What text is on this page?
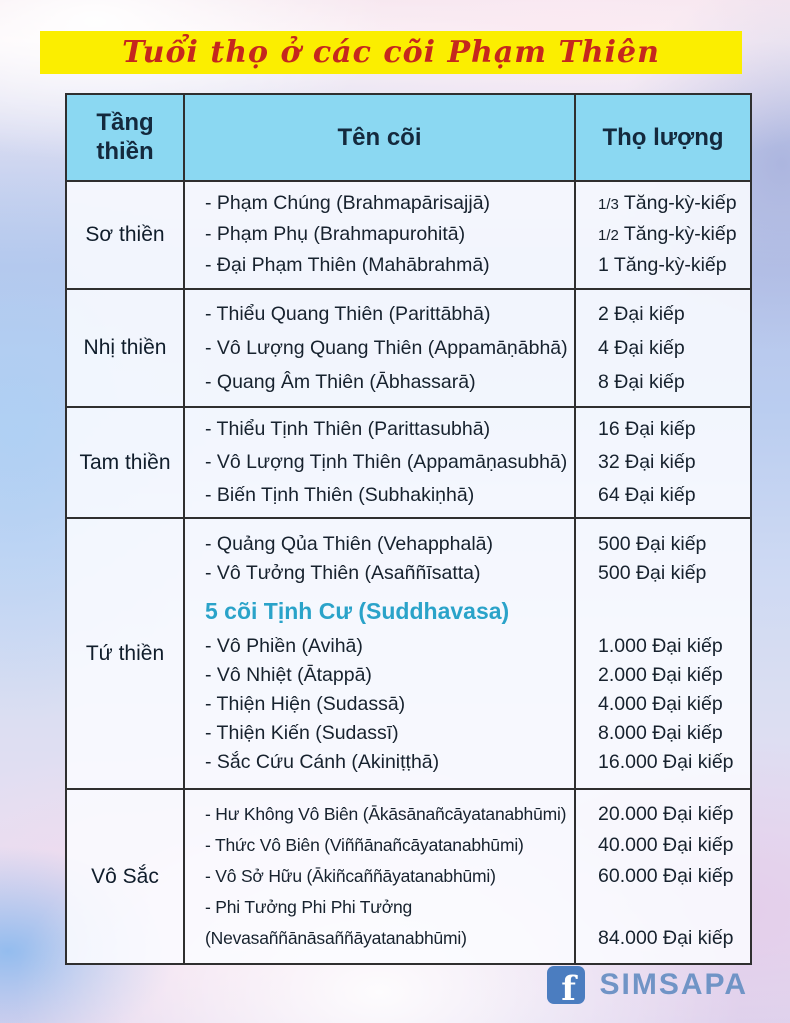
Tuổi thọ ở các cõi Phạm Thiên
Tầng thiền
Tên cõi	Thọ lượng
Sơ thiền
- Phạm Chúng (Brahmapārisajjā)
- Phạm Phụ (Brahmapurohitā)
- Đại Phạm Thiên (Mahābrahmā)
1/3 Tăng-kỳ-kiếp
1/2 Tăng-kỳ-kiếp
1 Tăng-kỳ-kiếp
Nhị thiền
- Thiểu Quang Thiên (Parittābhā)
- Vô Lượng Quang Thiên (Appamāṇābhā)
- Quang Âm Thiên (Ābhassarā)
2 Đại kiếp
4 Đại kiếp
8 Đại kiếp
Tam thiền
- Thiểu Tịnh Thiên (Parittasubhā)
- Vô Lượng Tịnh Thiên (Appamāṇasubhā)
- Biến Tịnh Thiên (Subhakiṇhā)
16 Đại kiếp
32 Đại kiếp
64 Đại kiếp
Tứ thiền
- Quảng Qủa Thiên (Vehapphalā)
- Vô Tưởng Thiên (Asaññīsatta)
5 cõi Tịnh Cư (Suddhavasa)
- Vô Phiền (Avihā)
- Vô Nhiệt (Ātappā)
- Thiện Hiện (Sudassā)
- Thiện Kiến (Sudassī)
- Sắc Cứu Cánh (Akiniṭṭhā)
500 Đại kiếp
500 Đại kiếp
1.000 Đại kiếp
2.000 Đại kiếp
4.000 Đại kiếp
8.000 Đại kiếp
16.000 Đại kiếp
Vô Sắc
- Hư Không Vô Biên (Ākāsānañcāyatanabhūmi)
- Thức Vô Biên (Viññānañcāyatanabhūmi)
- Vô Sở Hữu (Ākiñcaññāyatanabhūmi)
- Phi Tưởng Phi Phi Tưởng
(Nevasaññānāsaññāyatanabhūmi)
20.000 Đại kiếp
40.000 Đại kiếp
60.000 Đại kiếp
84.000 Đại kiếp
f SIMSAPA
